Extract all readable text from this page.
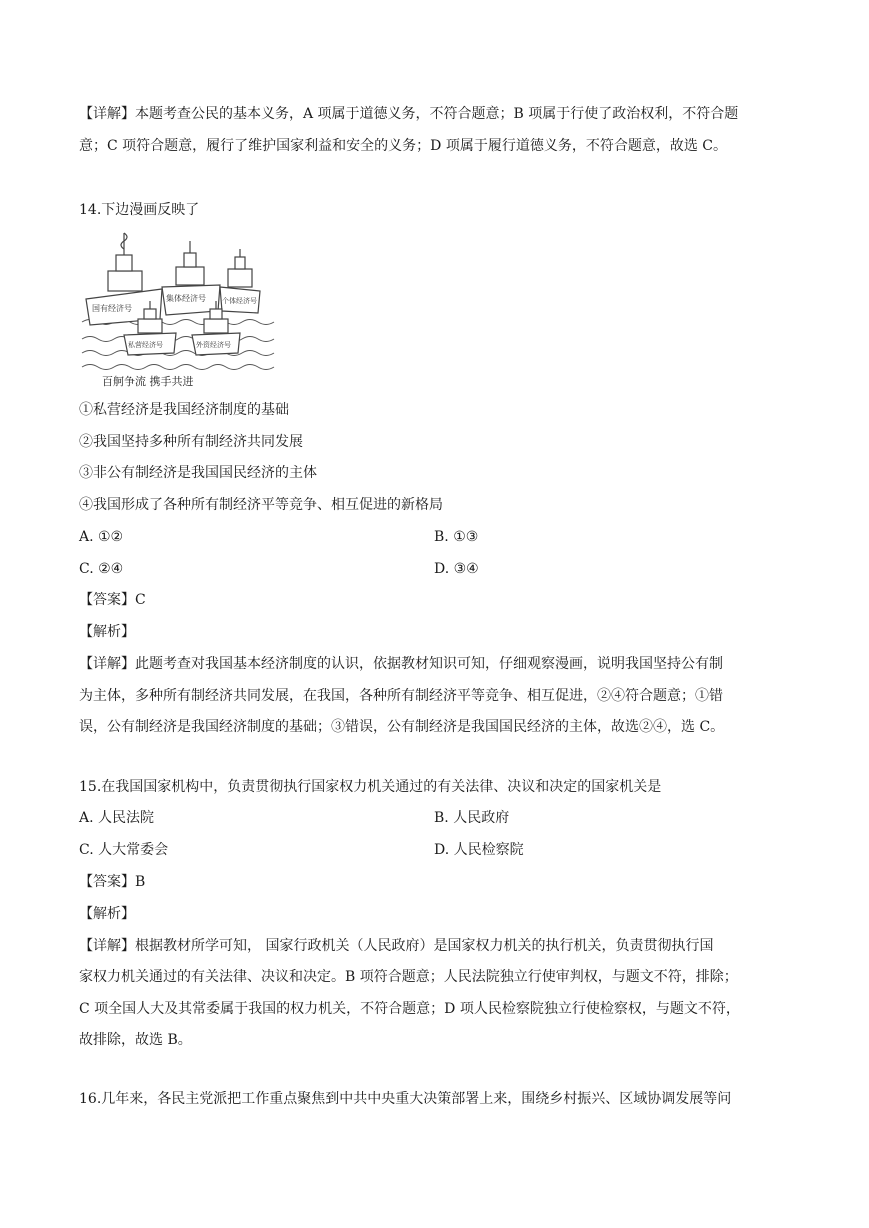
【详解】本题考查公民的基本义务，A 项属于道德义务，不符合题意；B 项属于行使了政治权利，不符合题
意；C 项符合题意，履行了维护国家利益和安全的义务；D 项属于履行道德义务，不符合题意，故选 C。
14.下边漫画反映了
国有经济号
集体经济号 个体经济号
私营经济号	外资经济号
百舸争流 携手共进
①私营经济是我国经济制度的基础
②我国坚持多种所有制经济共同发展
③非公有制经济是我国国民经济的主体
④我国形成了各种所有制经济平等竞争、相互促进的新格局
A. ①②	B. ①③
C. ②④	D. ③④
【答案】C
【解析】
【详解】此题考查对我国基本经济制度的认识，依据教材知识可知，仔细观察漫画，说明我国坚持公有制
为主体，多种所有制经济共同发展，在我国，各种所有制经济平等竞争、相互促进，②④符合题意；①错
误，公有制经济是我国经济制度的基础；③错误，公有制经济是我国国民经济的主体，故选②④，选 C。
15.在我国国家机构中，负责贯彻执行国家权力机关通过的有关法律、决议和决定的国家机关是
A. 人民法院	B. 人民政府
C. 人大常委会	D. 人民检察院
【答案】B
【解析】
【详解】根据教材所学可知， 国家行政机关（人民政府）是国家权力机关的执行机关，负责贯彻执行国
家权力机关通过的有关法律、决议和决定。B 项符合题意；人民法院独立行使审判权，与题文不符，排除；
C 项全国人大及其常委属于我国的权力机关，不符合题意；D 项人民检察院独立行使检察权，与题文不符，
故排除，故选 B。
16.几年来，各民主党派把工作重点聚焦到中共中央重大决策部署上来，围绕乡村振兴、区域协调发展等问
